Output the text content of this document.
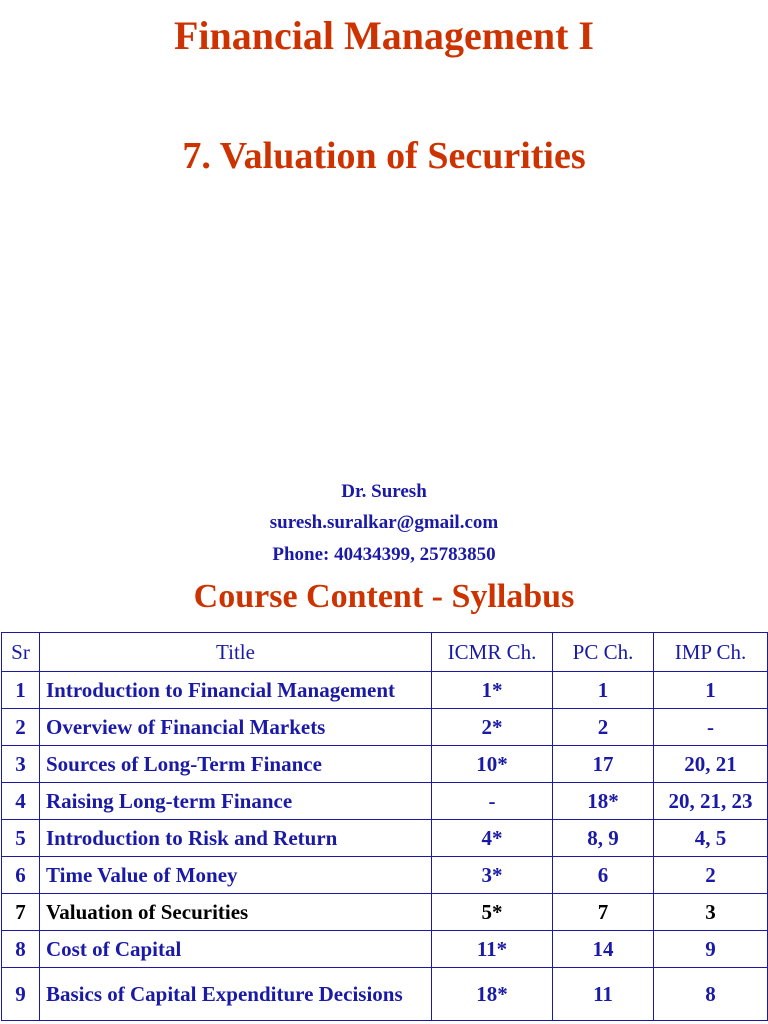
Financial Management I
7. Valuation of Securities
Dr. Suresh
suresh.suralkar@gmail.com
Phone: 40434399, 25783850
Course Content - Syllabus
Sr	Title	ICMR Ch.	PC Ch.	IMP Ch.
1	Introduction to Financial Management	1*	1	1
2	Overview of Financial Markets	2*	2	-
3	Sources of Long-Term Finance	10*	17	20, 21
4	Raising Long-term Finance	-	18*	20, 21, 23
5	Introduction to Risk and Return	4*	8, 9	4, 5
6	Time Value of Money	3*	6	2
7	Valuation of Securities	5*	7	3
8	Cost of Capital	11*	14	9
9	Basics of Capital Expenditure Decisions	18*	11	8
